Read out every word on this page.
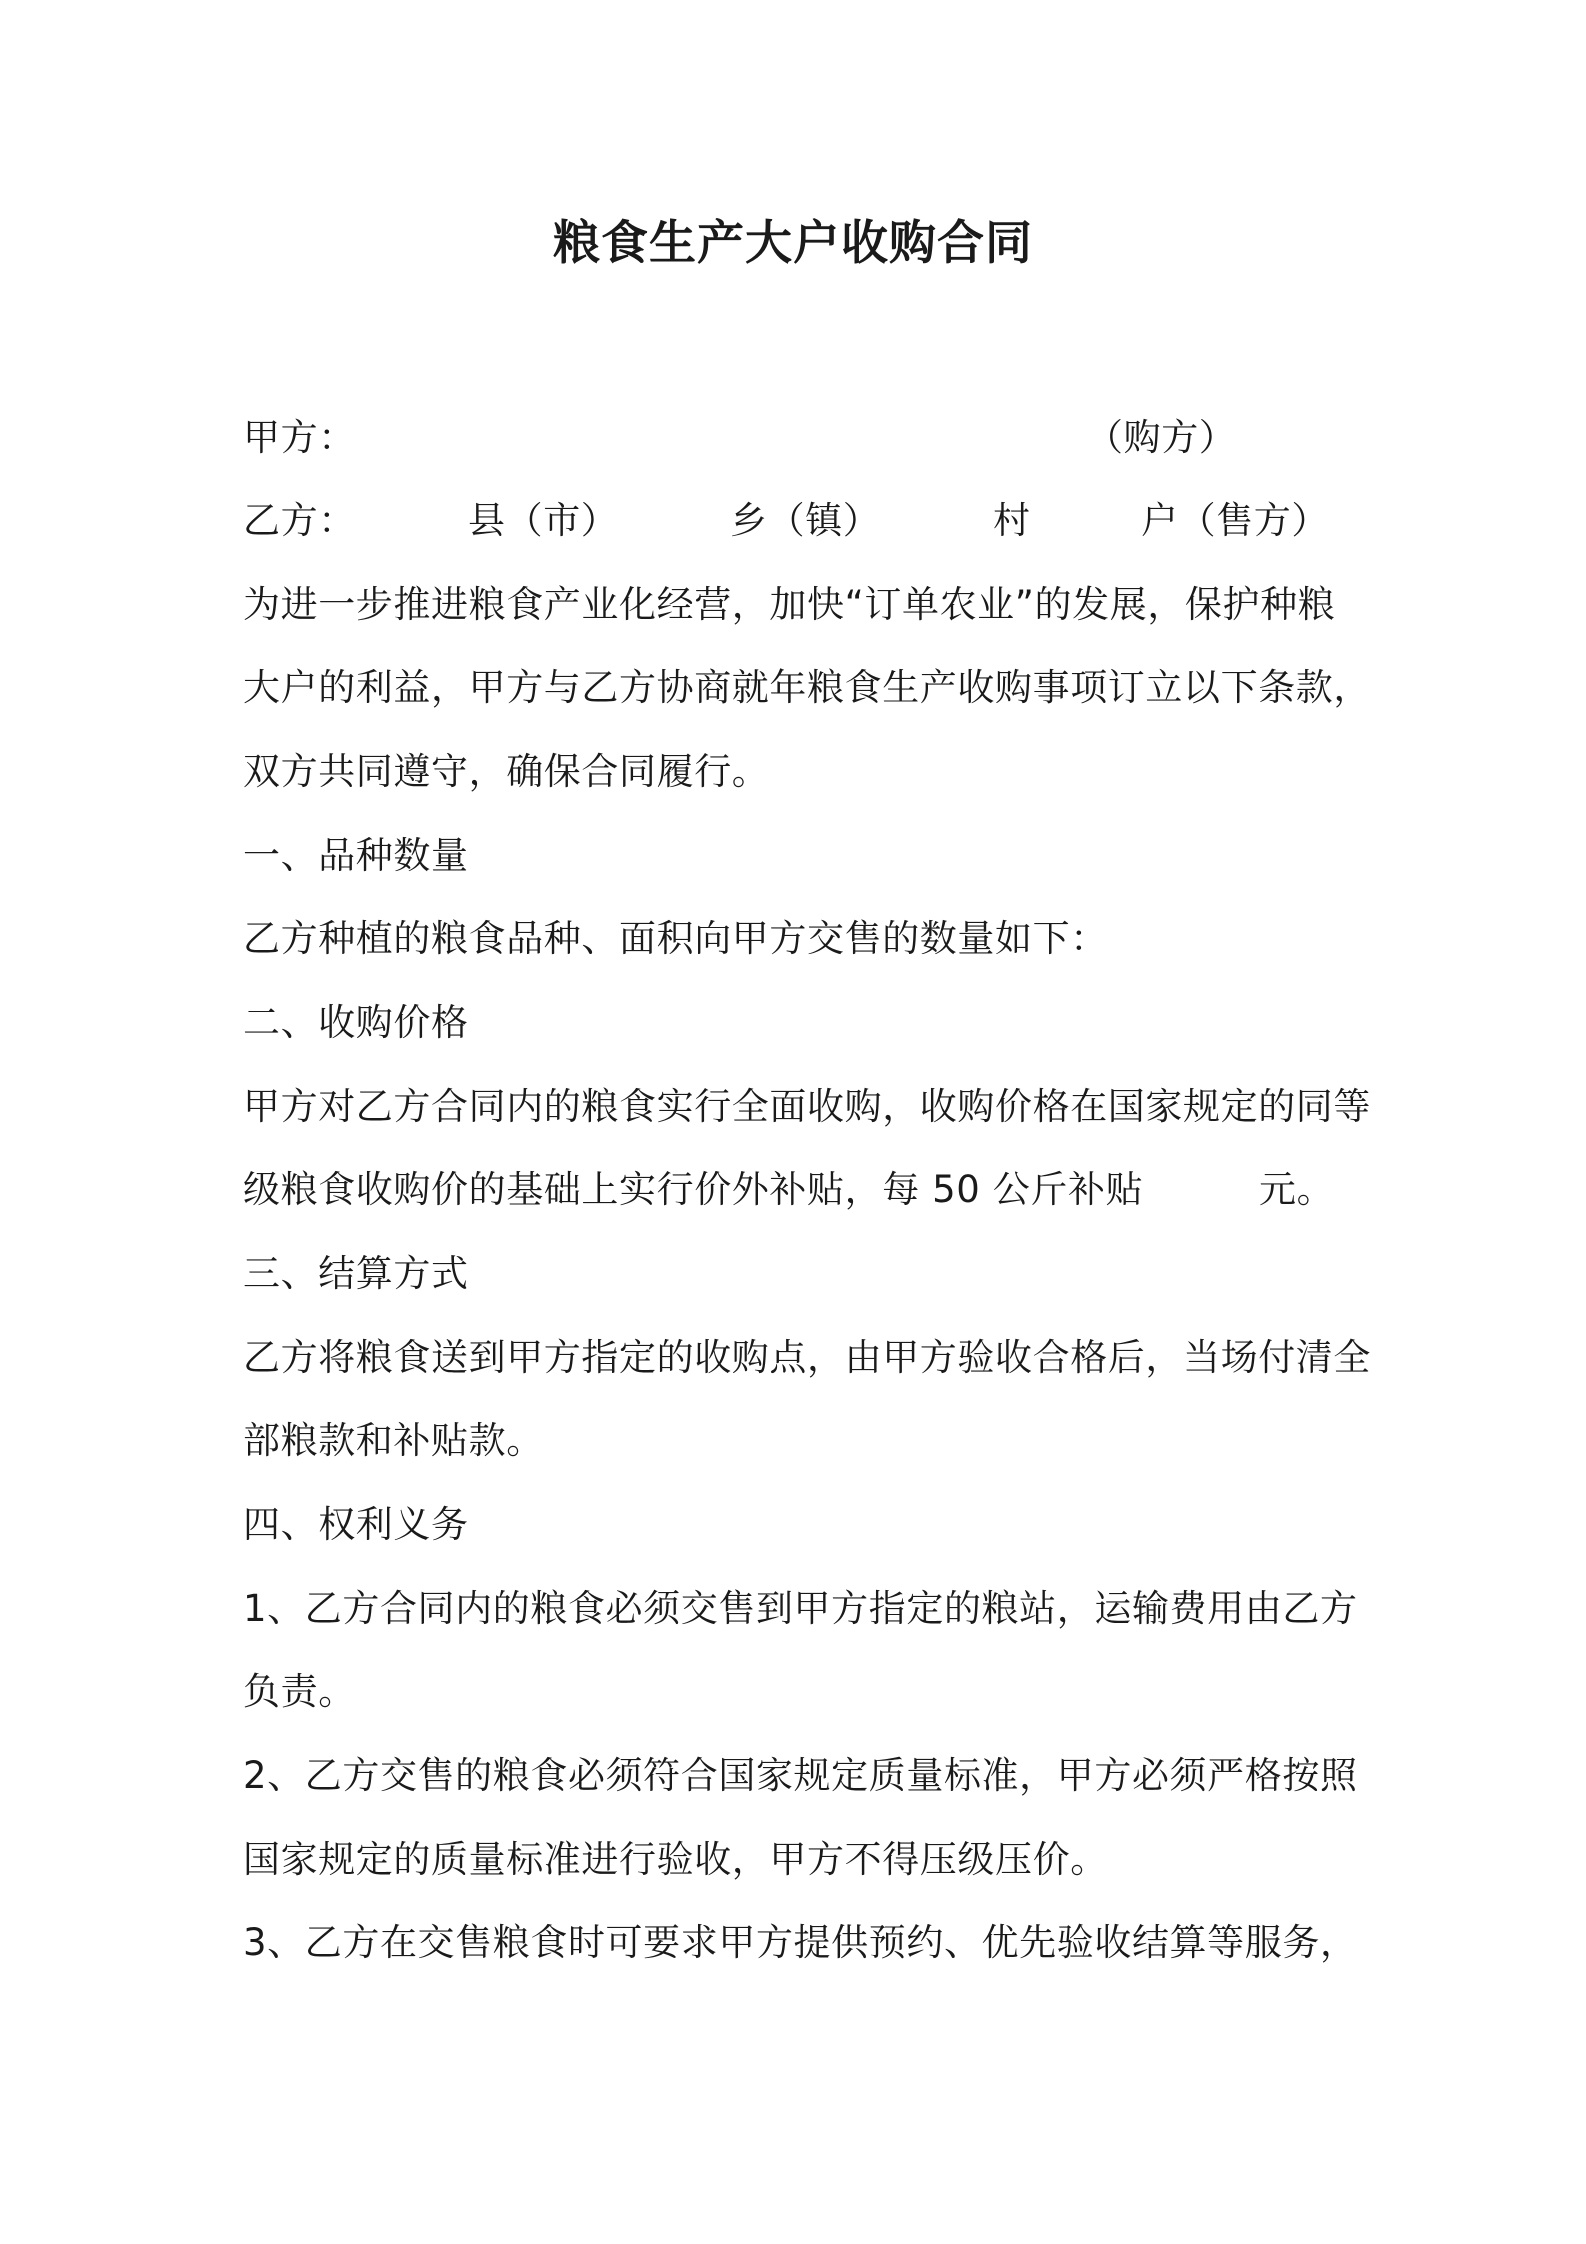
粮食生产大户收购合同
甲方：	（购方）
乙方：	县（市）	乡（镇）	村	户（售方）
为进一步推进粮食产业化经营，加快“订单农业”的发展，保护种粮
大户的利益，甲方与乙方协商就年粮食生产收购事项订立以下条款，
双方共同遵守，确保合同履行。
一、品种数量
乙方种植的粮食品种、面积向甲方交售的数量如下：
二、收购价格
甲方对乙方合同内的粮食实行全面收购，收购价格在国家规定的同等
级粮食收购价的基础上实行价外补贴，每 50 公斤补贴	元。
三、结算方式
乙方将粮食送到甲方指定的收购点，由甲方验收合格后，当场付清全
部粮款和补贴款。
四、权利义务
1、乙方合同内的粮食必须交售到甲方指定的粮站，运输费用由乙方
负责。
2、乙方交售的粮食必须符合国家规定质量标准，甲方必须严格按照
国家规定的质量标准进行验收，甲方不得压级压价。
3、乙方在交售粮食时可要求甲方提供预约、优先验收结算等服务，
